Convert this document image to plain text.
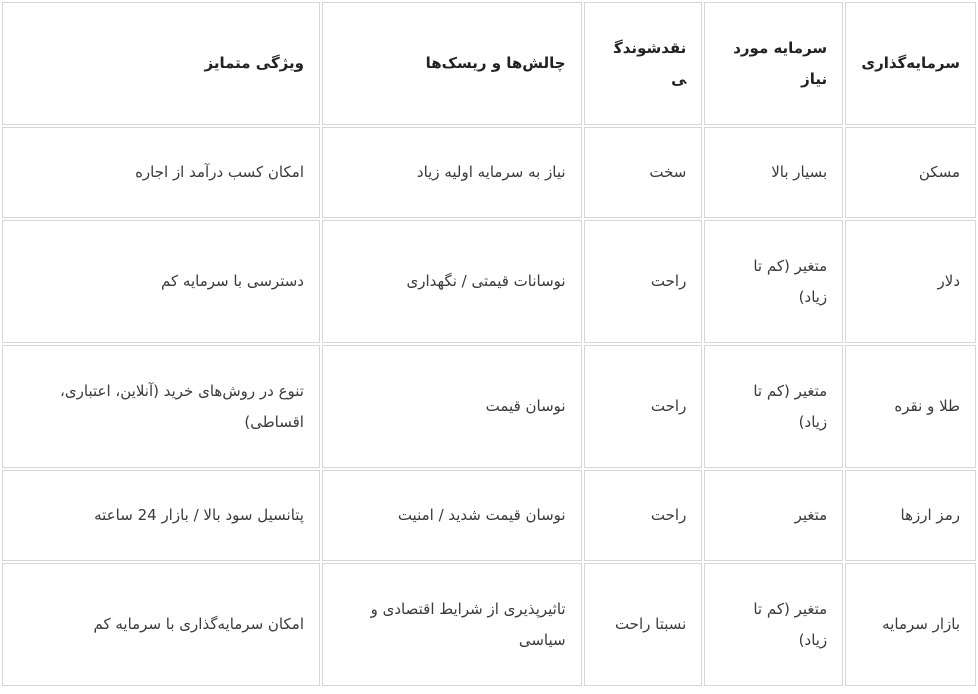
سرمایه‌گذاری	سرمایه مورد نیاز	نقدشوندگی	چالش‌ها و ریسک‌ها	ویژگی متمایز
مسکن	بسیار بالا	سخت	نیاز به سرمایه اولیه زیاد	امکان کسب درآمد از اجاره
دلار	متغیر (کم تا زیاد)	راحت	نوسانات قیمتی / نگهداری	دسترسی با سرمایه کم
طلا و نقره	متغیر (کم تا زیاد)	راحت	نوسان قیمت	تنوع در روش‌های خرید (آنلاین، اعتباری، اقساطی)
رمز ارزها	متغیر	راحت	نوسان قیمت شدید / امنیت	پتانسیل سود بالا / بازار 24 ساعته
بازار سرمایه	متغیر (کم تا زیاد)	نسبتا راحت	تاثیرپذیری از شرایط اقتصادی و سیاسی	امکان سرمایه‌گذاری با سرمایه کم
